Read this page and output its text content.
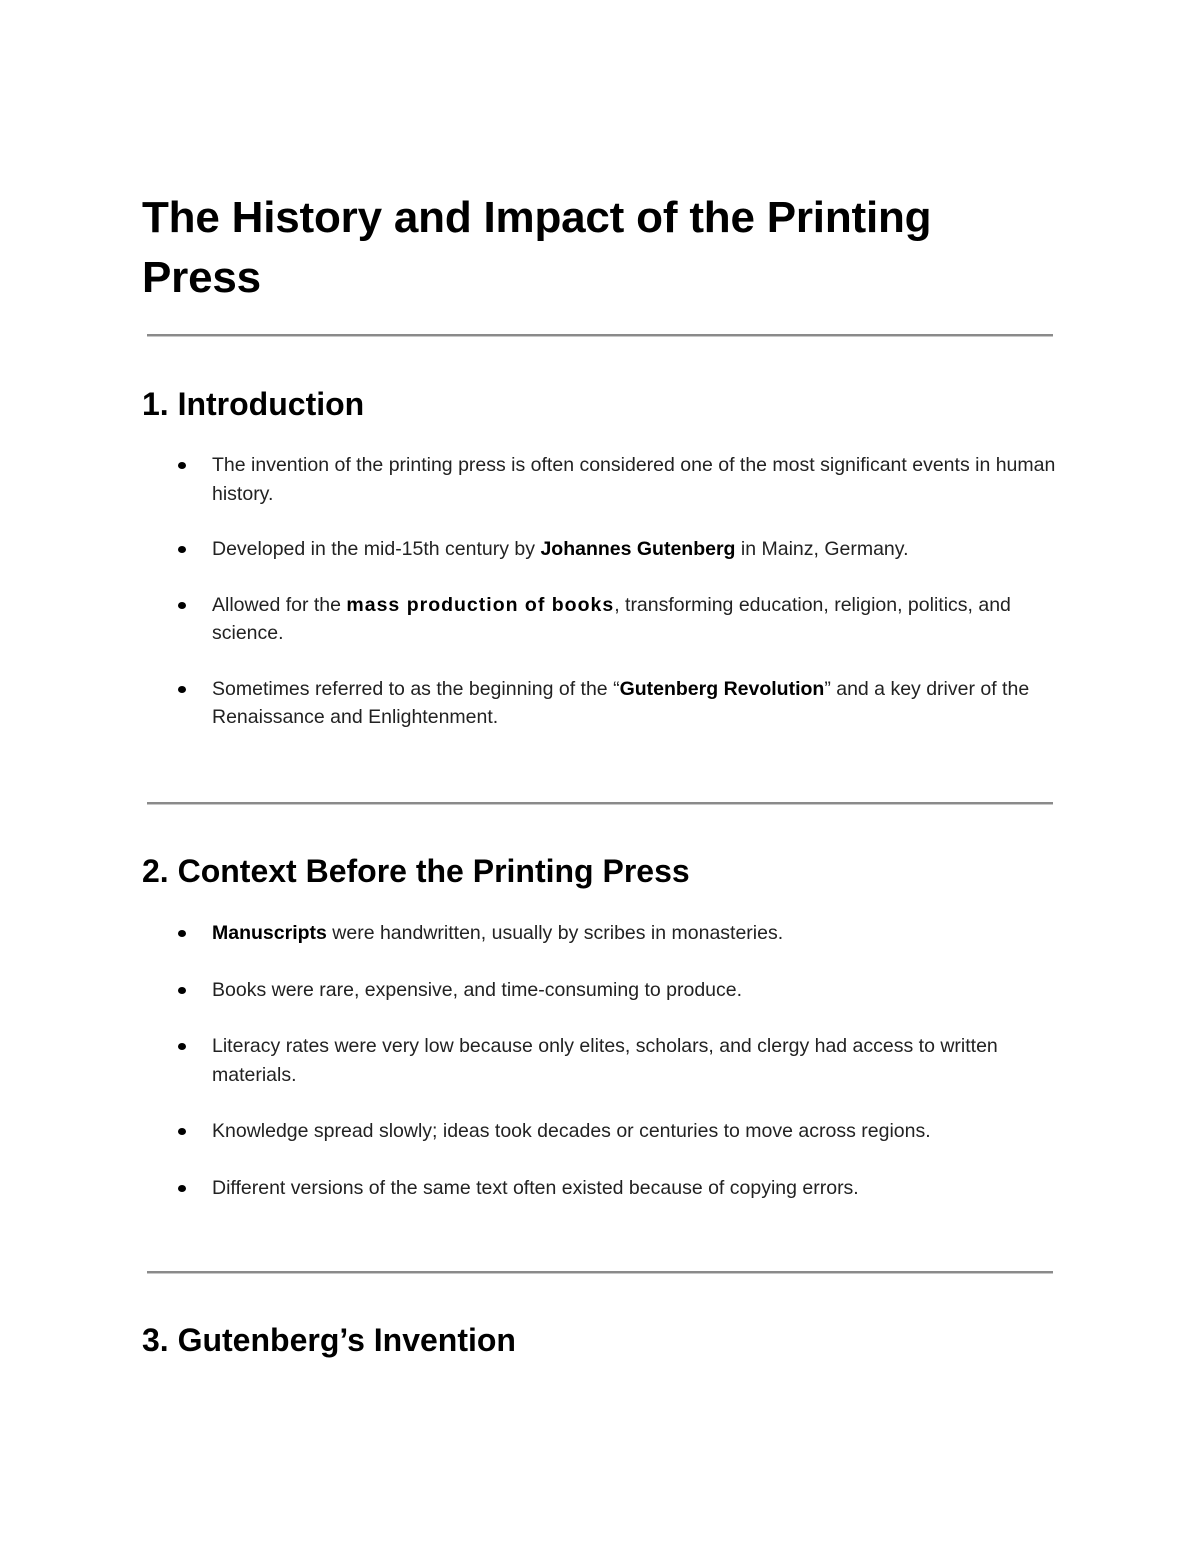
The History and Impact of the Printing Press
1. Introduction
The invention of the printing press is often considered one of the most significant events in human history.
Developed in the mid-15th century by Johannes Gutenberg in Mainz, Germany.
Allowed for the mass production of books, transforming education, religion, politics, and science.
Sometimes referred to as the beginning of the “Gutenberg Revolution” and a key driver of the Renaissance and Enlightenment.
2. Context Before the Printing Press
Manuscripts were handwritten, usually by scribes in monasteries.
Books were rare, expensive, and time-consuming to produce.
Literacy rates were very low because only elites, scholars, and clergy had access to written materials.
Knowledge spread slowly; ideas took decades or centuries to move across regions.
Different versions of the same text often existed because of copying errors.
3. Gutenberg’s Invention
